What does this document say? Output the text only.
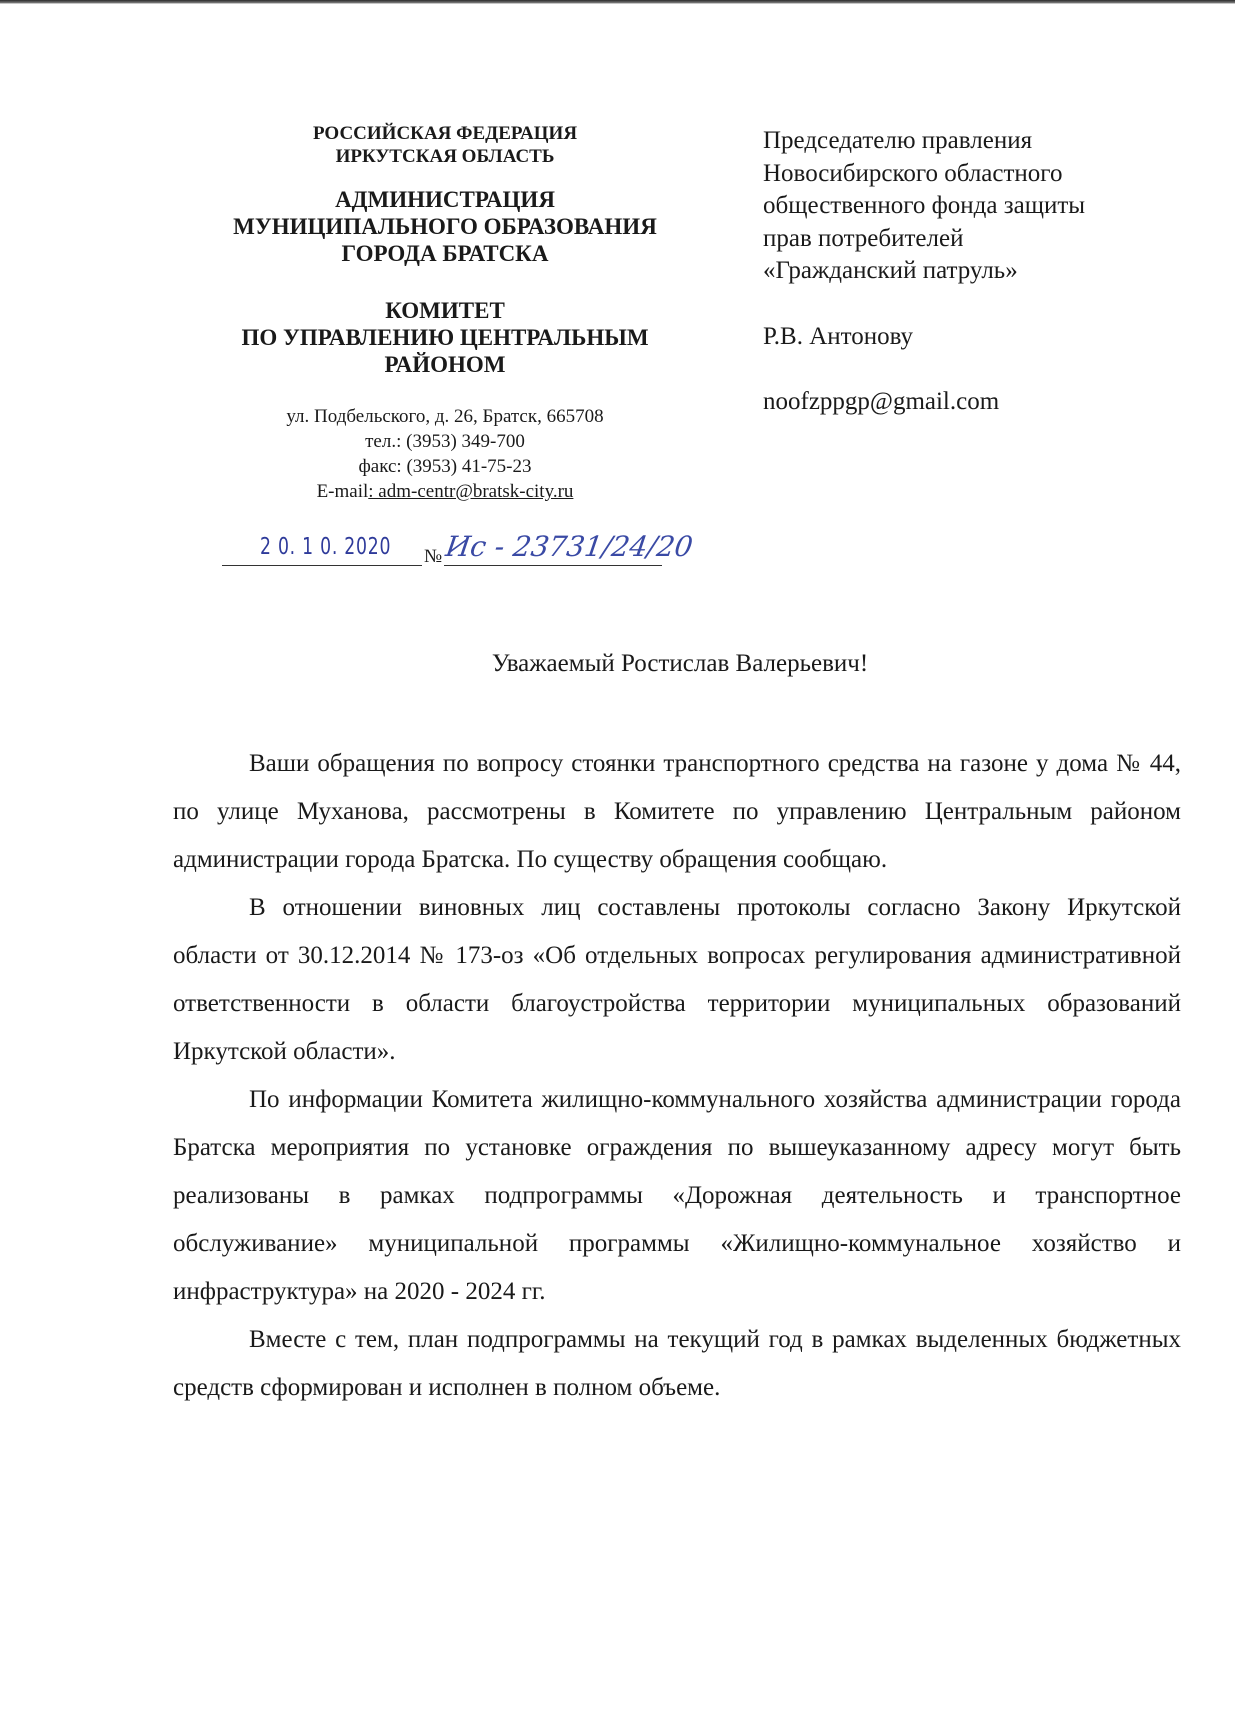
РОССИЙСКАЯ ФЕДЕРАЦИЯ
ИРКУТСКАЯ ОБЛАСТЬ
АДМИНИСТРАЦИЯ
МУНИЦИПАЛЬНОГО ОБРАЗОВАНИЯ
ГОРОДА БРАТСКА
КОМИТЕТ
ПО УПРАВЛЕНИЮ ЦЕНТРАЛЬНЫМ
РАЙОНОМ
ул. Подбельского, д. 26, Братск, 665708
тел.: (3953) 349-700
факс: (3953) 41-75-23
E-mail: adm-centr@bratsk-city.ru
2 0. 1 0. 2020 № Ис - 23731/24/20
Председателю правления
Новосибирского областного
общественного фонда защиты
прав потребителей
«Гражданский патруль»
Р.В. Антонову
noofzppgp@gmail.com
Уважаемый Ростислав Валерьевич!

Ваши обращения по вопросу стоянки транспортного средства на газоне у дома № 44, по улице Муханова, рассмотрены в Комитете по управлению Центральным районом администрации города Братска. По существу обращения сообщаю.

В отношении виновных лиц составлены протоколы согласно Закону Иркутской области от 30.12.2014 № 173-оз «Об отдельных вопросах регулирования административной ответственности в области благоустройства территории муниципальных образований Иркутской области».

По информации Комитета жилищно-коммунального хозяйства администрации города Братска мероприятия по установке ограждения по вышеуказанному адресу могут быть реализованы в рамках подпрограммы «Дорожная деятельность и транспортное обслуживание» муниципальной программы «Жилищно-коммунальное хозяйство и инфраструктура» на 2020 - 2024 гг.

Вместе с тем, план подпрограммы на текущий год в рамках выделенных бюджетных средств сформирован и исполнен в полном объеме.
